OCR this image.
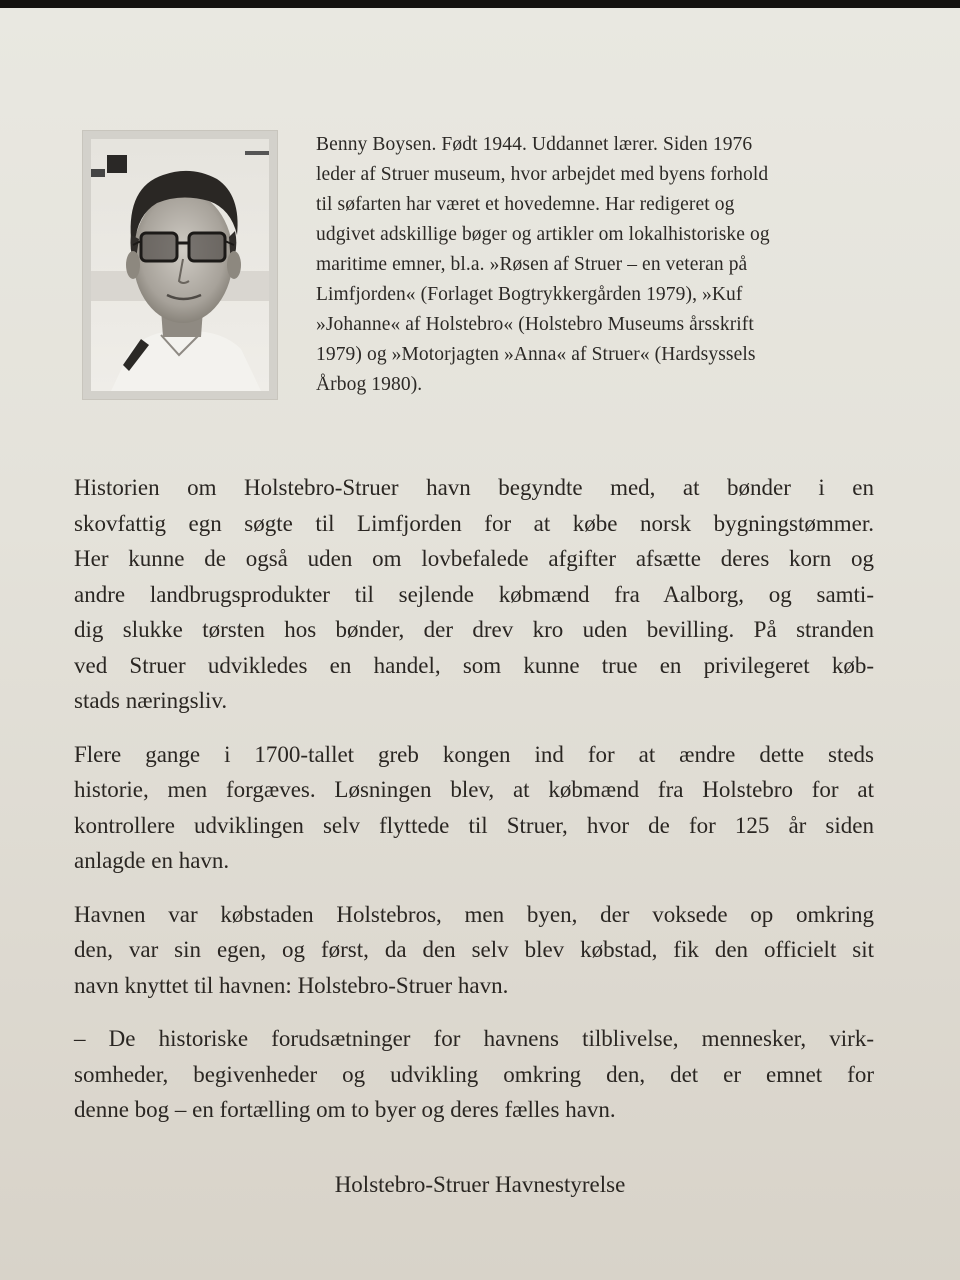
Benny Boysen. Født 1944. Uddannet lærer. Siden 1976
leder af Struer museum, hvor arbejdet med byens forhold
til søfarten har været et hovedemne. Har redigeret og
udgivet adskillige bøger og artikler om lokalhistoriske og
maritime emner, bl.a. »Røsen af Struer – en veteran på
Limfjorden« (Forlaget Bogtrykkergården 1979), »Kuf
»Johanne« af Holstebro« (Holstebro Museums årsskrift
1979) og »Motorjagten »Anna« af Struer« (Hardsyssels
Årbog 1980).
Historien om Holstebro-Struer havn begyndte med, at bønder i en
skovfattig egn søgte til Limfjorden for at købe norsk bygningstømmer.
Her kunne de også uden om lovbefalede afgifter afsætte deres korn og
andre landbrugsprodukter til sejlende købmænd fra Aalborg, og samti-
dig slukke tørsten hos bønder, der drev kro uden bevilling. På stranden
ved Struer udvikledes en handel, som kunne true en privilegeret køb-
stads næringsliv.
Flere gange i 1700-tallet greb kongen ind for at ændre dette steds
historie, men forgæves. Løsningen blev, at købmænd fra Holstebro for at
kontrollere udviklingen selv flyttede til Struer, hvor de for 125 år siden
anlagde en havn.
Havnen var købstaden Holstebros, men byen, der voksede op omkring
den, var sin egen, og først, da den selv blev købstad, fik den officielt sit
navn knyttet til havnen: Holstebro-Struer havn.
– De historiske forudsætninger for havnens tilblivelse, mennesker, virk-
somheder, begivenheder og udvikling omkring den, det er emnet for
denne bog – en fortælling om to byer og deres fælles havn.
Holstebro-Struer Havnestyrelse
